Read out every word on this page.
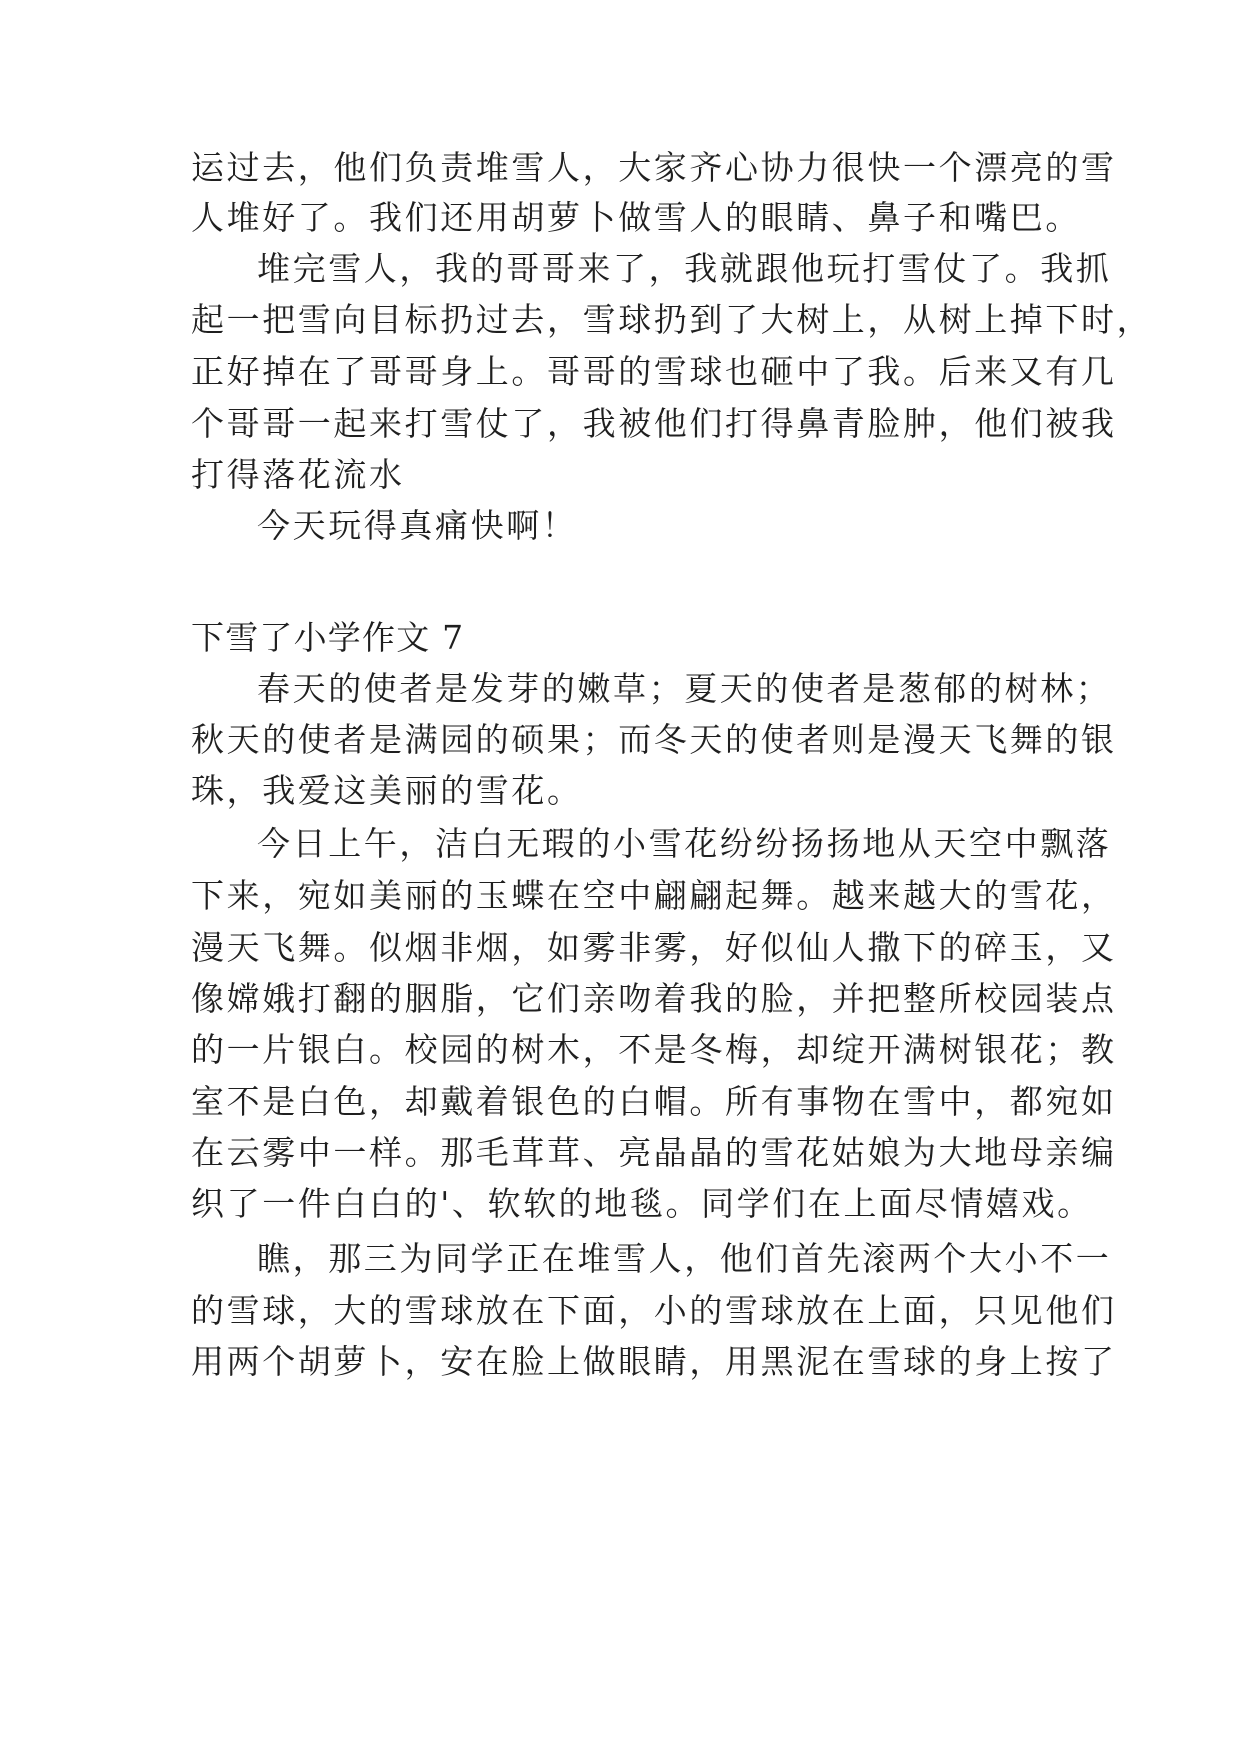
运过去，他们负责堆雪人，大家齐心协力很快一个漂亮的雪
人堆好了。我们还用胡萝卜做雪人的眼睛、鼻子和嘴巴。
堆完雪人，我的哥哥来了，我就跟他玩打雪仗了。我抓
起一把雪向目标扔过去，雪球扔到了大树上，从树上掉下时，
正好掉在了哥哥身上。哥哥的雪球也砸中了我。后来又有几
个哥哥一起来打雪仗了，我被他们打得鼻青脸肿，他们被我
打得落花流水
今天玩得真痛快啊！
下雪了小学作文 7
春天的使者是发芽的嫩草；夏天的使者是葱郁的树林；
秋天的使者是满园的硕果；而冬天的使者则是漫天飞舞的银
珠，我爱这美丽的雪花。
今日上午，洁白无瑕的小雪花纷纷扬扬地从天空中飘落
下来，宛如美丽的玉蝶在空中翩翩起舞。越来越大的雪花，
漫天飞舞。似烟非烟，如雾非雾，好似仙人撒下的碎玉，又
像嫦娥打翻的胭脂，它们亲吻着我的脸，并把整所校园装点
的一片银白。校园的树木，不是冬梅，却绽开满树银花；教
室不是白色，却戴着银色的白帽。所有事物在雪中，都宛如
在云雾中一样。那毛茸茸、亮晶晶的雪花姑娘为大地母亲编
织了一件白白的'、软软的地毯。同学们在上面尽情嬉戏。
瞧，那三为同学正在堆雪人，他们首先滚两个大小不一
的雪球，大的雪球放在下面，小的雪球放在上面，只见他们
用两个胡萝卜，安在脸上做眼睛，用黑泥在雪球的身上按了
